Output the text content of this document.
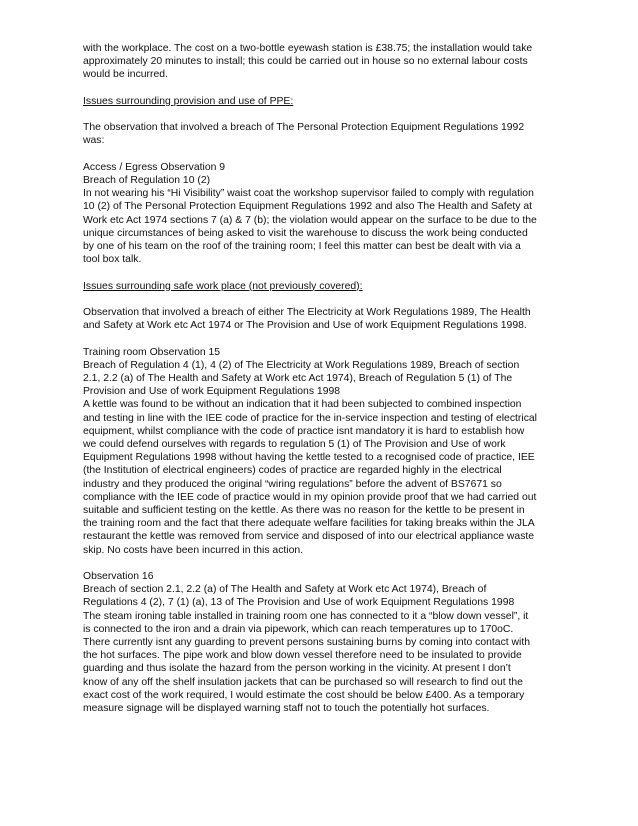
with the workplace. The cost on a two-bottle eyewash station is £38.75; the installation would take
approximately 20 minutes to install; this could be carried out in house so no external labour costs
would be incurred.
Issues surrounding provision and use of PPE:
The observation that involved a breach of The Personal Protection Equipment Regulations 1992
was:
Access / Egress Observation 9
Breach of Regulation 10 (2)
In not wearing his “Hi Visibility” waist coat the workshop supervisor failed to comply with regulation
10 (2) of The Personal Protection Equipment Regulations 1992 and also The Health and Safety at
Work etc Act 1974 sections 7 (a) & 7 (b); the violation would appear on the surface to be due to the
unique circumstances of being asked to visit the warehouse to discuss the work being conducted
by one of his team on the roof of the training room; I feel this matter can best be dealt with via a
tool box talk.
Issues surrounding safe work place (not previously covered):
Observation that involved a breach of either The Electricity at Work Regulations 1989, The Health
and Safety at Work etc Act 1974 or The Provision and Use of work Equipment Regulations 1998.
Training room Observation 15
Breach of Regulation 4 (1), 4 (2) of The Electricity at Work Regulations 1989, Breach of section
2.1, 2.2 (a) of The Health and Safety at Work etc Act 1974), Breach of Regulation 5 (1) of The
Provision and Use of work Equipment Regulations 1998
A kettle was found to be without an indication that it had been subjected to combined inspection
and testing in line with the IEE code of practice for the in-service inspection and testing of electrical
equipment, whilst compliance with the code of practice isnt mandatory it is hard to establish how
we could defend ourselves with regards to regulation 5 (1) of The Provision and Use of work
Equipment Regulations 1998 without having the kettle tested to a recognised code of practice, IEE
(the Institution of electrical engineers) codes of practice are regarded highly in the electrical
industry and they produced the original “wiring regulations” before the advent of BS7671 so
compliance with the IEE code of practice would in my opinion provide proof that we had carried out
suitable and sufficient testing on the kettle. As there was no reason for the kettle to be present in
the training room and the fact that there adequate welfare facilities for taking breaks within the JLA
restaurant the kettle was removed from service and disposed of into our electrical appliance waste
skip. No costs have been incurred in this action.
Observation 16
Breach of section 2.1, 2.2 (a) of The Health and Safety at Work etc Act 1974), Breach of
Regulations 4 (2), 7 (1) (a), 13 of The Provision and Use of work Equipment Regulations 1998
The steam ironing table installed in training room one has connected to it a “blow down vessel”, it
is connected to the iron and a drain via pipework, which can reach temperatures up to 170oC.
There currently isnt any guarding to prevent persons sustaining burns by coming into contact with
the hot surfaces. The pipe work and blow down vessel therefore need to be insulated to provide
guarding and thus isolate the hazard from the person working in the vicinity. At present I don’t
know of any off the shelf insulation jackets that can be purchased so will research to find out the
exact cost of the work required, I would estimate the cost should be below £400. As a temporary
measure signage will be displayed warning staff not to touch the potentially hot surfaces.
